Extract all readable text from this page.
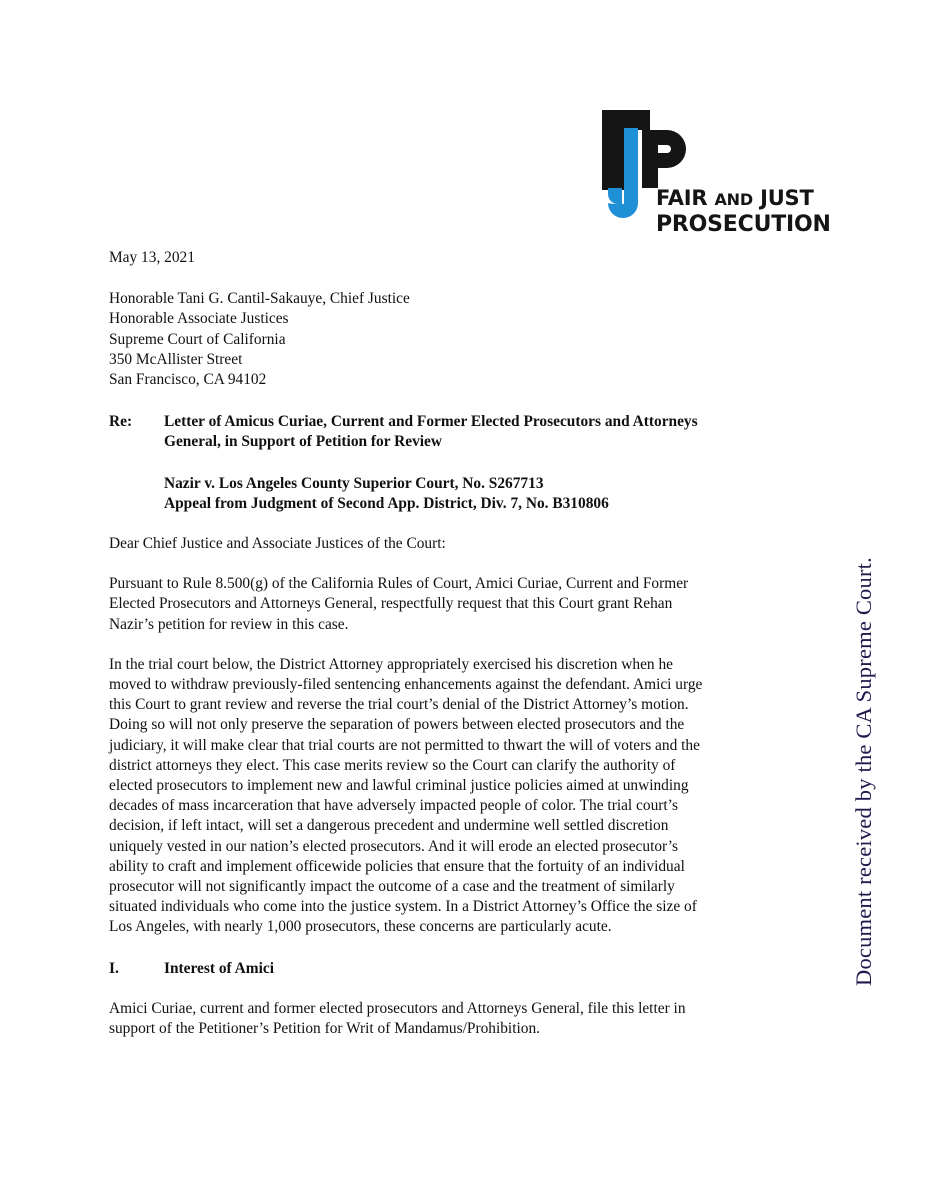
FAIR AND JUST
PROSECUTION

May 13, 2021

Honorable Tani G. Cantil-Sakauye, Chief Justice

Honorable Associate Justices

Supreme Court of California

350 McAllister Street

San Francisco, CA 94102

Re:	Letter of Amicus Curiae, Current and Former Elected Prosecutors and Attorneys

General, in Support of Petition for Review

Nazir v. Los Angeles County Superior Court, No. S267713

Appeal from Judgment of Second App. District, Div. 7, No. B310806

Dear Chief Justice and Associate Justices of the Court:

Pursuant to Rule 8.500(g) of the California Rules of Court, Amici Curiae, Current and Former
Elected Prosecutors and Attorneys General, respectfully request that this Court grant Rehan
Nazir’s petition for review in this case.

In the trial court below, the District Attorney appropriately exercised his discretion when he
moved to withdraw previously-filed sentencing enhancements against the defendant. Amici urge
this Court to grant review and reverse the trial court’s denial of the District Attorney’s motion.
Doing so will not only preserve the separation of powers between elected prosecutors and the
judiciary, it will make clear that trial courts are not permitted to thwart the will of voters and the
district attorneys they elect. This case merits review so the Court can clarify the authority of
elected prosecutors to implement new and lawful criminal justice policies aimed at unwinding
decades of mass incarceration that have adversely impacted people of color. The trial court’s
decision, if left intact, will set a dangerous precedent and undermine well settled discretion
uniquely vested in our nation’s elected prosecutors. And it will erode an elected prosecutor’s
ability to craft and implement officewide policies that ensure that the fortuity of an individual
prosecutor will not significantly impact the outcome of a case and the treatment of similarly
situated individuals who come into the justice system. In a District Attorney’s Office the size of
Los Angeles, with nearly 1,000 prosecutors, these concerns are particularly acute.

I.	Interest of Amici

Amici Curiae, current and former elected prosecutors and Attorneys General, file this letter in
support of the Petitioner’s Petition for Writ of Mandamus/Prohibition.

Document received by the CA Supreme Court.
